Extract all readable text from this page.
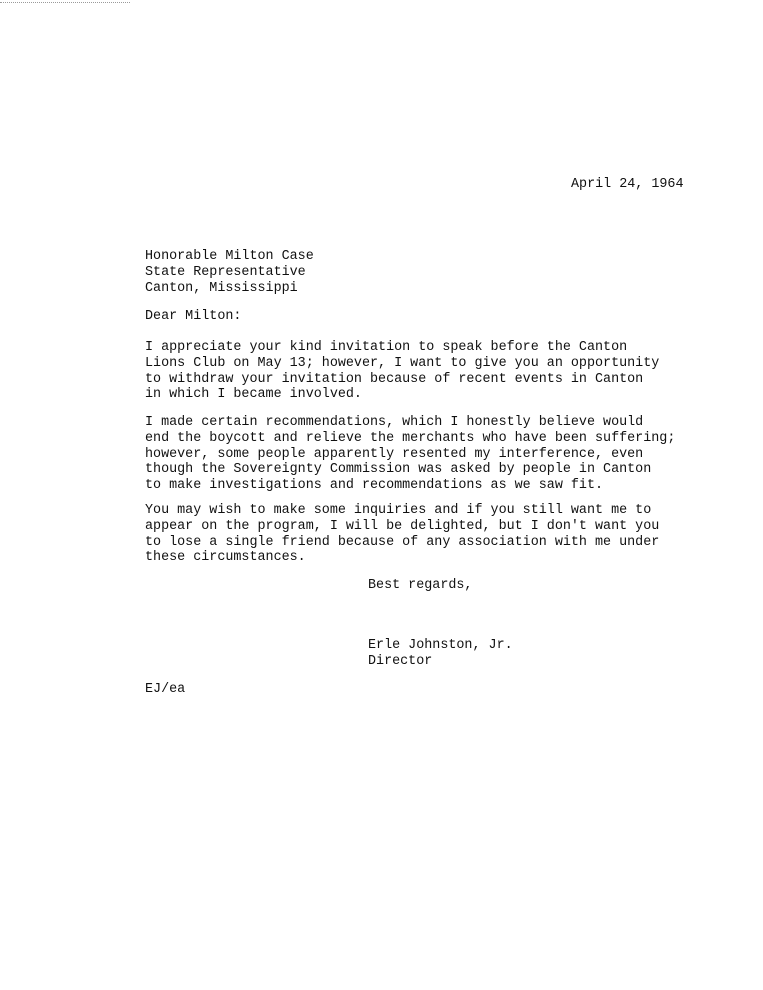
April 24, 1964
Honorable Milton Case
State Representative
Canton, Mississippi
Dear Milton:
I appreciate your kind invitation to speak before the Canton
Lions Club on May 13; however, I want to give you an opportunity
to withdraw your invitation because of recent events in Canton
in which I became involved.
I made certain recommendations, which I honestly believe would
end the boycott and relieve the merchants who have been suffering;
however, some people apparently resented my interference, even
though the Sovereignty Commission was asked by people in Canton
to make investigations and recommendations as we saw fit.
You may wish to make some inquiries and if you still want me to
appear on the program, I will be delighted, but I don't want you
to lose a single friend because of any association with me under
these circumstances.
Best regards,
Erle Johnston, Jr.
Director
EJ/ea
